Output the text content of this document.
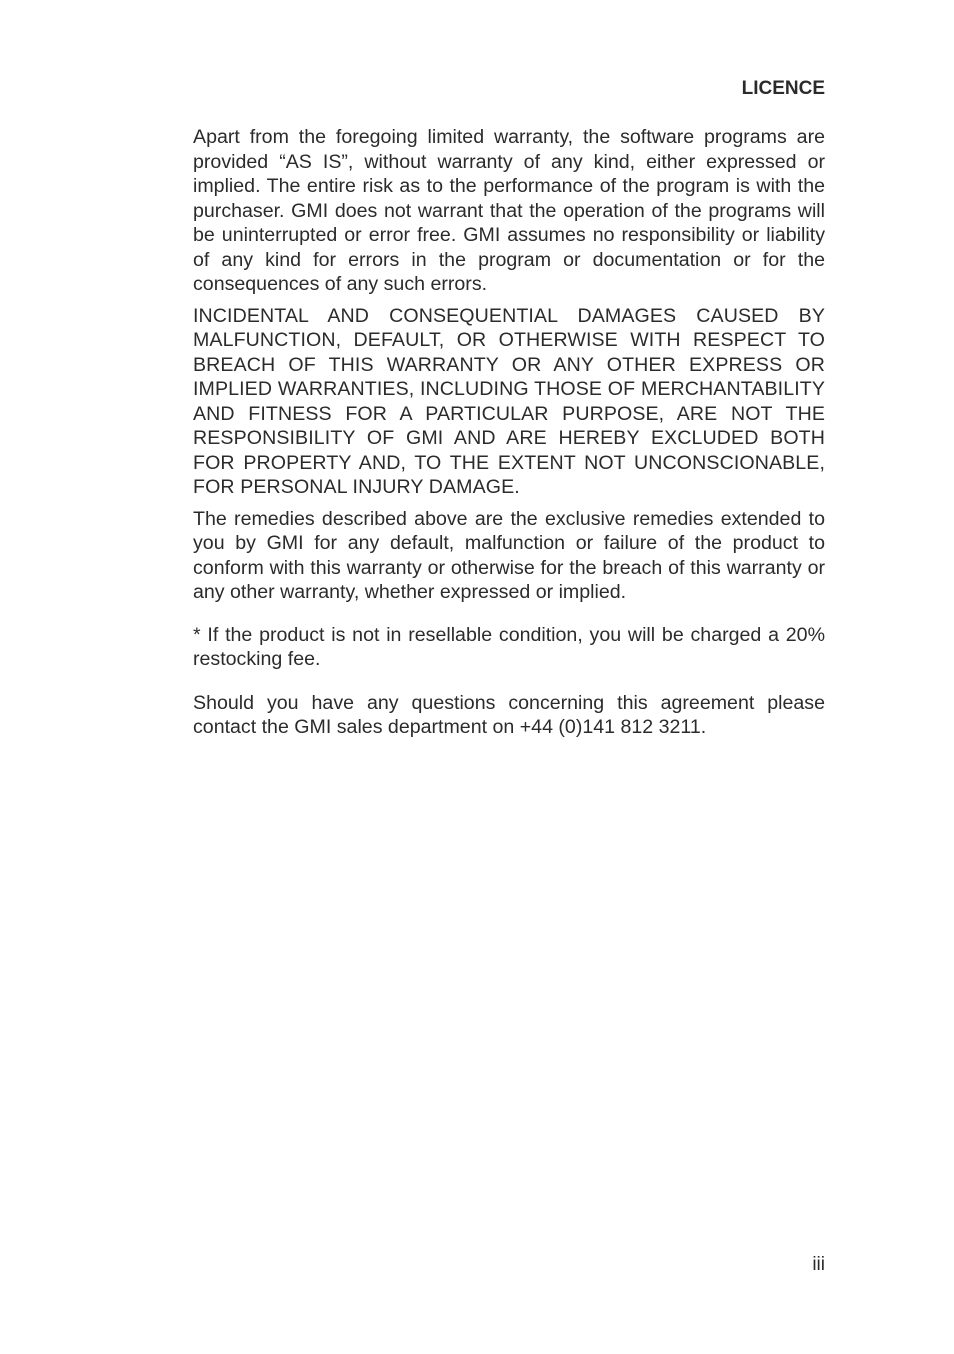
LICENCE

Apart from the foregoing limited warranty, the software programs are provided “AS IS”, without warranty of any kind, either expressed or implied. The entire risk as to the performance of the program is with the purchaser. GMI does not warrant that the operation of the programs will be uninterrupted or error free. GMI assumes no responsibility or liability of any kind for errors in the program or documentation or for the consequences of any such errors.

INCIDENTAL AND CONSEQUENTIAL DAMAGES CAUSED BY MALFUNCTION, DEFAULT, OR OTHERWISE WITH RESPECT TO BREACH OF THIS WARRANTY OR ANY OTHER EXPRESS OR IMPLIED WARRANTIES, INCLUDING THOSE OF MERCHANTABILITY AND FITNESS FOR A PARTICULAR PURPOSE, ARE NOT THE RESPONSIBILITY OF GMI AND ARE HEREBY EXCLUDED BOTH FOR PROPERTY AND, TO THE EXTENT NOT UNCONSCIONABLE, FOR PERSONAL INJURY DAMAGE.

The remedies described above are the exclusive remedies extended to you by GMI for any default, malfunction or failure of the product to conform with this warranty or otherwise for the breach of this warranty or any other warranty, whether expressed or implied.

* If the product is not in resellable condition, you will be charged a 20% restocking fee.

Should you have any questions concerning this agreement please contact the GMI sales department on +44 (0)141 812 3211.

iii
